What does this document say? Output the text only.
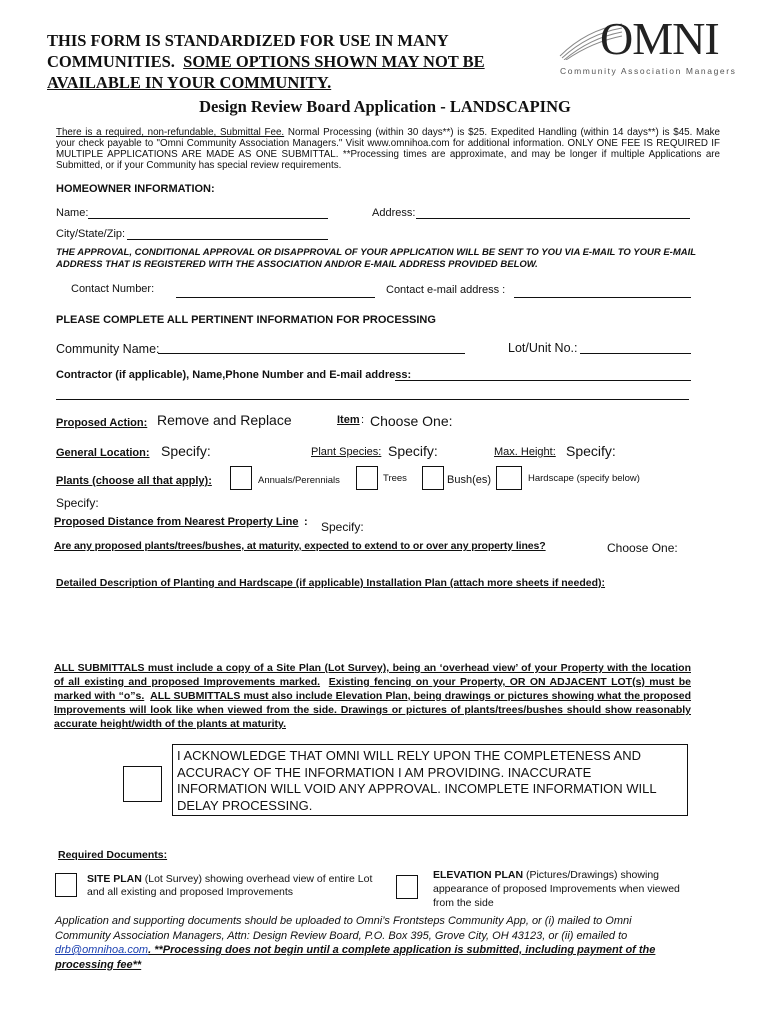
THIS FORM IS STANDARDIZED FOR USE IN MANY
COMMUNITIES. SOME OPTIONS SHOWN MAY NOT BE
AVAILABLE IN YOUR COMMUNITY.
OMNI
Community Association Managers
Design Review Board Application - LANDSCAPING
There is a required, non-refundable, Submittal Fee. Normal Processing (within 30 days**) is $25. Expedited Handling (within 14 days**) is $45. Make your check payable to "Omni Community Association Managers." Visit www.omnihoa.com for additional information. ONLY ONE FEE IS REQUIRED IF MULTIPLE APPLICATIONS ARE MADE AS ONE SUBMITTAL. **Processing times are approximate, and may be longer if multiple Applications are Submitted, or if your Community has special review requirements.
HOMEOWNER INFORMATION:
Name:	Address:
City/State/Zip:
THE APPROVAL, CONDITIONAL APPROVAL OR DISAPPROVAL OF YOUR APPLICATION WILL BE SENT TO YOU VIA E-MAIL TO YOUR E-MAIL ADDRESS THAT IS REGISTERED WITH THE ASSOCIATION AND/OR E-MAIL ADDRESS PROVIDED BELOW.
Contact Number:	Contact e-mail address :
PLEASE COMPLETE ALL PERTINENT INFORMATION FOR PROCESSING
Community Name:	Lot/Unit No.:
Contractor (if applicable), Name,Phone Number and E-mail address:
Proposed Action: Remove and Replace	Item : Choose One:
General Location: Specify:	Plant Species: Specify:	Max. Height: Specify:
Plants (choose all that apply):	Annuals/Perennials	Trees	Bush(es)	Hardscape (specify below)
Specify:
Proposed Distance from Nearest Property Line : Specify:
Are any proposed plants/trees/bushes, at maturity, expected to extend to or over any property lines?	Choose One:
Detailed Description of Planting and Hardscape (if applicable) Installation Plan (attach more sheets if needed):
ALL SUBMITTALS must include a copy of a Site Plan (Lot Survey), being an ‘overhead view’ of your Property with the location of all existing and proposed Improvements marked. Existing fencing on your Property, OR ON ADJACENT LOT(s) must be marked with “o”s. ALL SUBMITTALS must also include Elevation Plan, being drawings or pictures showing what the proposed Improvements will look like when viewed from the side. Drawings or pictures of plants/trees/bushes should show reasonably accurate height/width of the plants at maturity.
I ACKNOWLEDGE THAT OMNI WILL RELY UPON THE COMPLETENESS AND ACCURACY OF THE INFORMATION I AM PROVIDING. INACCURATE INFORMATION WILL VOID ANY APPROVAL. INCOMPLETE INFORMATION WILL DELAY PROCESSING.
Required Documents:
SITE PLAN (Lot Survey) showing overhead view of entire Lot and all existing and proposed Improvements
ELEVATION PLAN (Pictures/Drawings) showing appearance of proposed Improvements when viewed from the side
Application and supporting documents should be uploaded to Omni’s Frontsteps Community App, or (i) mailed to Omni Community Association Managers, Attn: Design Review Board, P.O. Box 395, Grove City, OH 43123, or (ii) emailed to drb@omnihoa.com. **Processing does not begin until a complete application is submitted, including payment of the processing fee**
